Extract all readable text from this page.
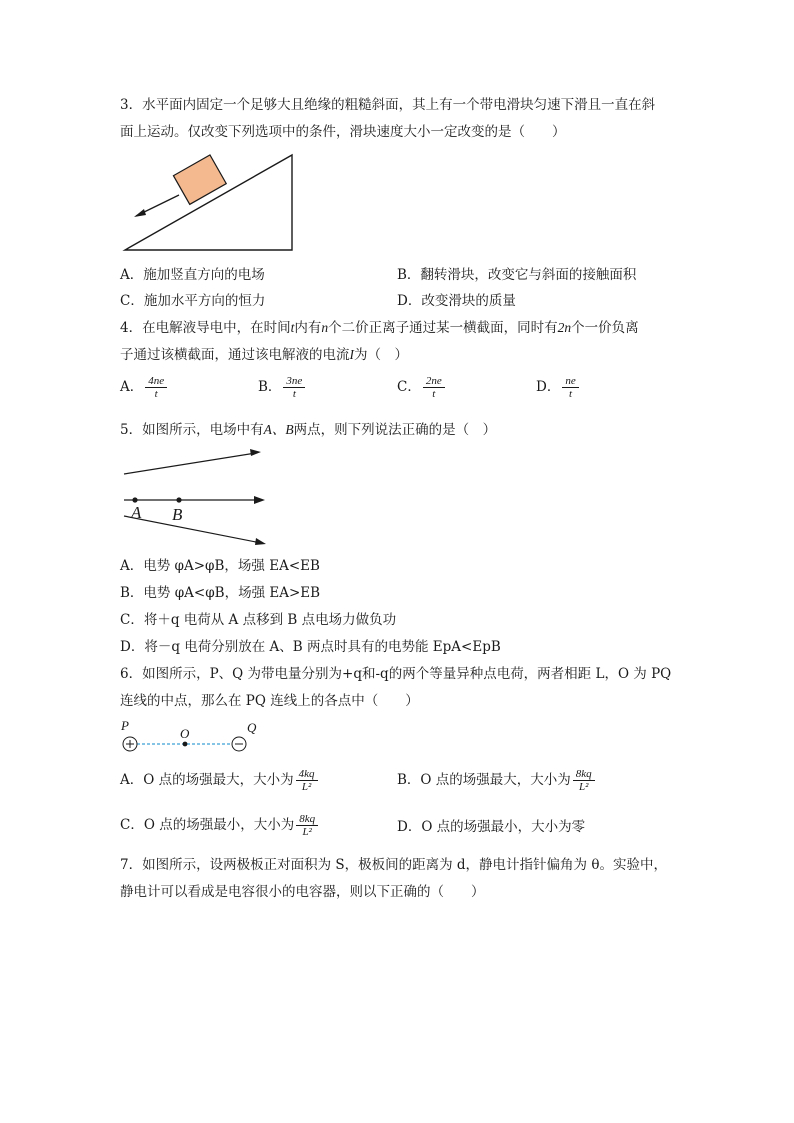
3．水平面内固定一个足够大且绝缘的粗糙斜面，其上有一个带电滑块匀速下滑且一直在斜
面上运动。仅改变下列选项中的条件，滑块速度大小一定改变的是（　　）
A．施加竖直方向的电场	B．翻转滑块，改变它与斜面的接触面积
C．施加水平方向的恒力	D．改变滑块的质量
4．在电解液导电中，在时间t内有n个二价正离子通过某一横截面，同时有2n个一价负离
子通过该横截面，通过该电解液的电流I为（　）
A． $\frac{4ne}{t}$	B． $\frac{3ne}{t}$	C． $\frac{2ne}{t}$	D． $\frac{ne}{t}$
5．如图所示，电场中有A、B两点，则下列说法正确的是（　）
A B
A．电势 φA>φB，场强 EA<EB
B．电势 φA<φB，场强 EA>EB
C．将＋q 电荷从 A 点移到 B 点电场力做负功
D．将－q 电荷分别放在 A、B 两点时具有的电势能 EpA<EpB
6．如图所示，P、Q 为带电量分别为+q和-q的两个等量异种点电荷，两者相距 L，O 为 PQ
连线的中点，那么在 PQ 连线上的各点中（　　）
P
O	Q
A．O 点的场强最大，大小为 $\frac{4kq}{\text{L²}}$	B．O 点的场强最大，大小为 $\frac{8kq}{\text{L²}}$
C．O 点的场强最小，大小为 $\frac{8kq}{\text{L²}}$	D．O 点的场强最小，大小为零
7．如图所示，设两极板正对面积为 S，极板间的距离为 d，静电计指针偏角为 θ。实验中，
静电计可以看成是电容很小的电容器，则以下正确的（　　）
